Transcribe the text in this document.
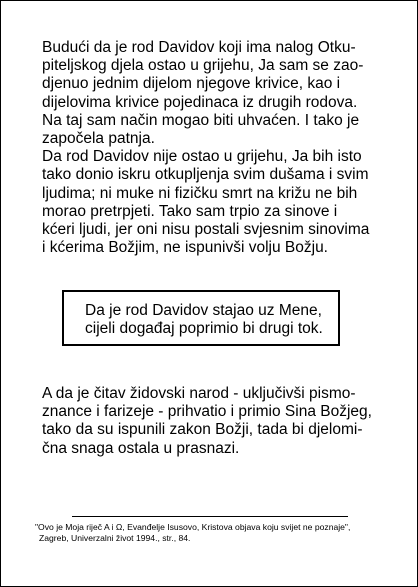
Budući da je rod Davidov koji ima nalog Otku-
piteljskog djela ostao u grijehu, Ja sam se zao-
djenuo jednim dijelom njegove krivice, kao i
dijelovima krivice pojedinaca iz drugih rodova.
Na taj sam način mogao biti uhvaćen. I tako je
započela patnja.
Da rod Davidov nije ostao u grijehu, Ja bih isto
tako donio iskru otkupljenja svim dušama i svim
ljudima; ni muke ni fizičku smrt na križu ne bih
morao pretrpjeti. Tako sam trpio za sinove i
kćeri ljudi, jer oni nisu postali svjesnim sinovima
i kćerima Božjim, ne ispunivši volju Božju.
Da je rod Davidov stajao uz Mene,
cijeli događaj poprimio bi drugi tok.
A da je čitav židovski narod - uključivši pismo-
znance i farizeje - prihvatio i primio Sina Božjeg,
tako da su ispunili zakon Božji, tada bi djelomi-
čna snaga ostala u prasnazi.
"Ovo je Moja riječ A i Ω, Evanđelje Isusovo, Kristova objava koju svijet ne poznaje",
Zagreb, Univerzalni život 1994., str., 84.
